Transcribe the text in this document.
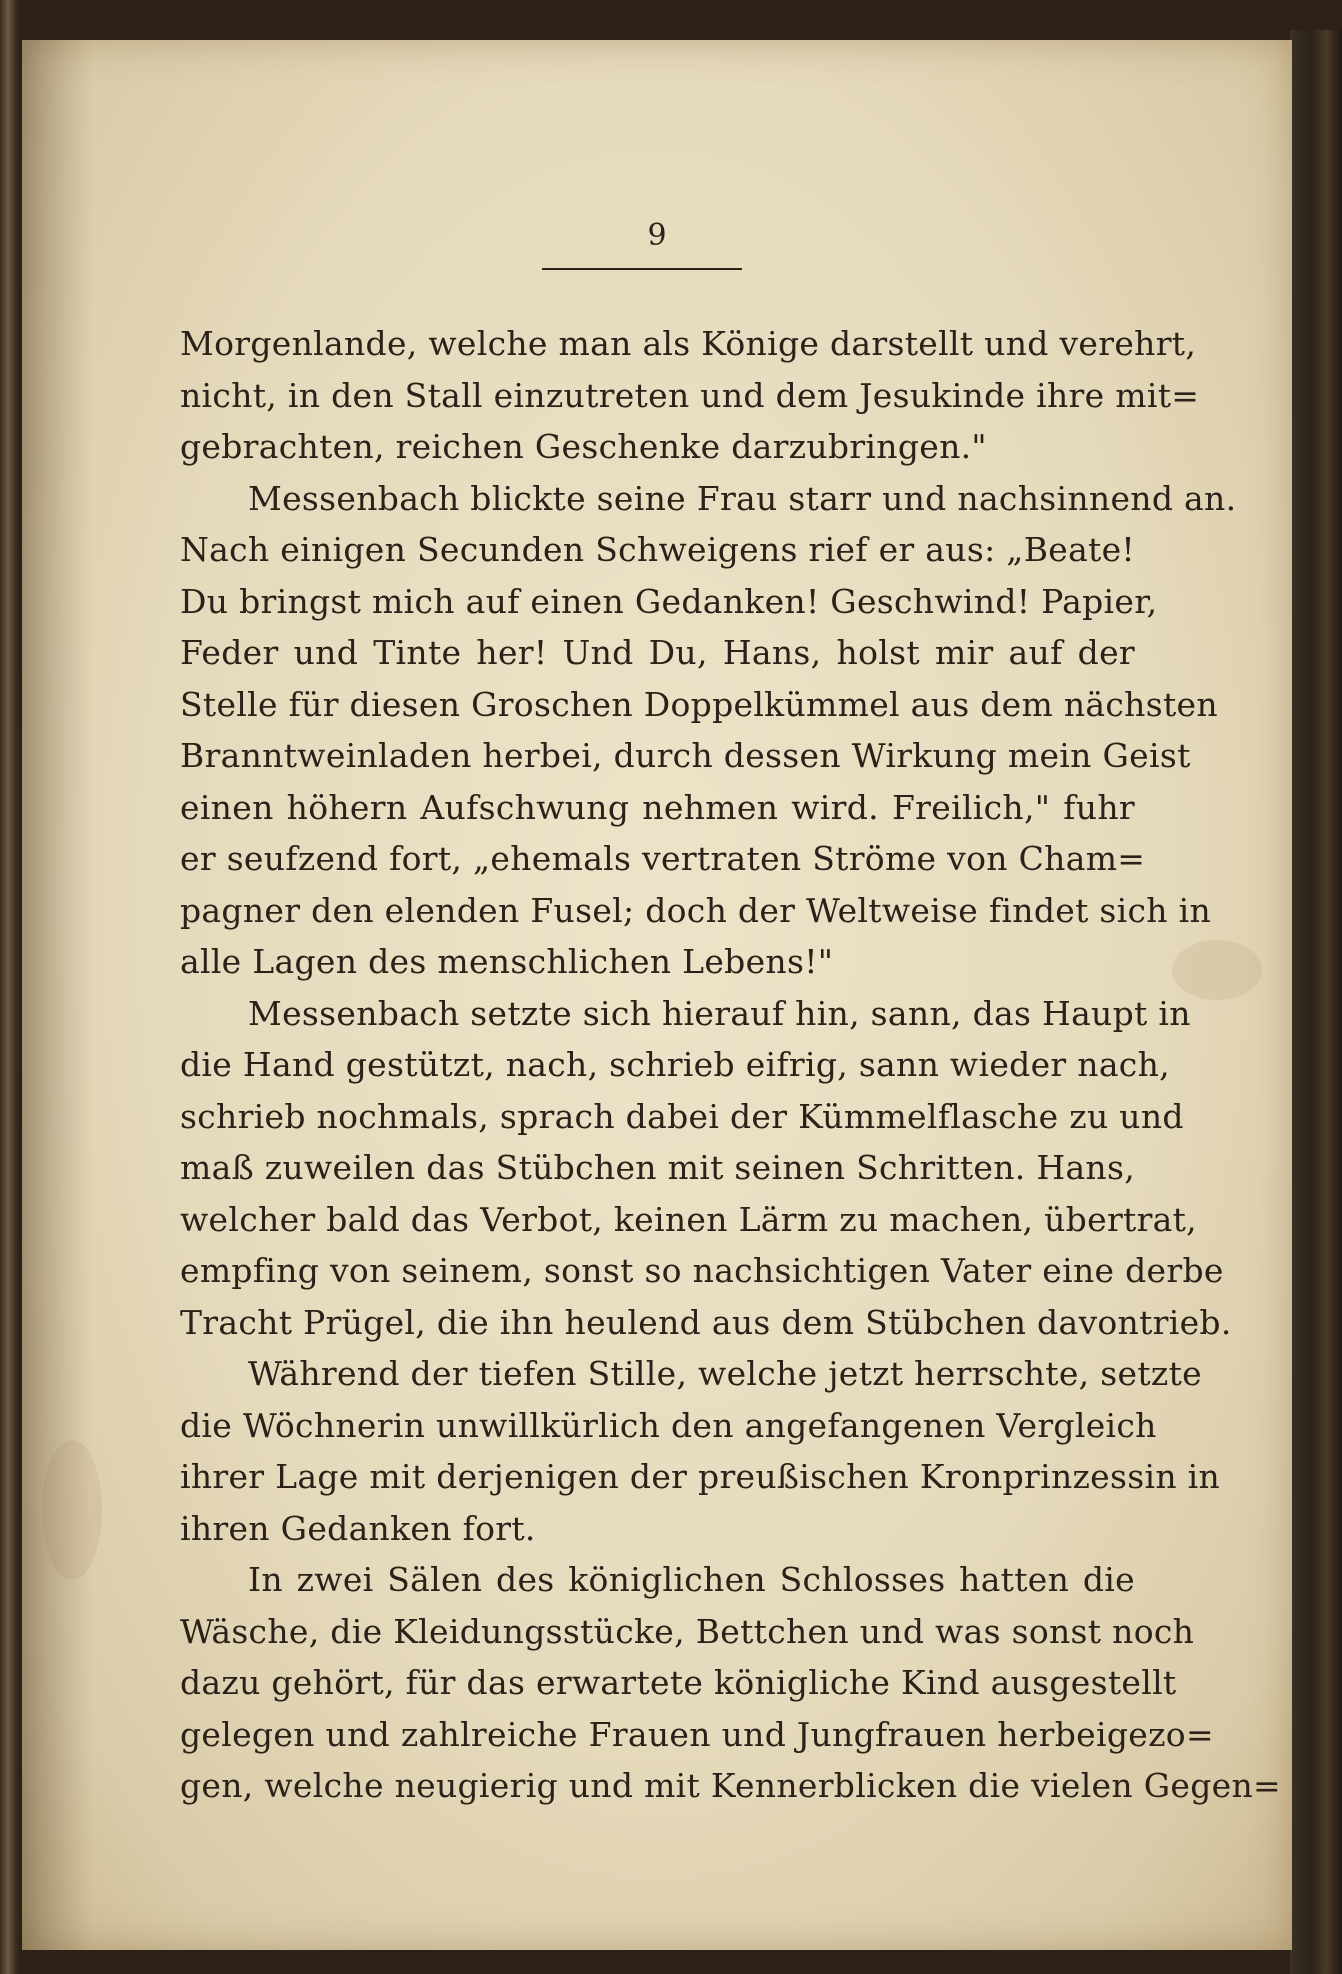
9
Morgenlande, welche man als Könige darstellt und verehrt,
nicht, in den Stall einzutreten und dem Jesukinde ihre mit=
gebrachten, reichen Geschenke darzubringen."
Messenbach blickte seine Frau starr und nachsinnend an.
Nach einigen Secunden Schweigens rief er aus: „Beate!
Du bringst mich auf einen Gedanken! Geschwind! Papier,
Feder und Tinte her! Und Du, Hans, holst mir auf der
Stelle für diesen Groschen Doppelkümmel aus dem nächsten
Branntweinladen herbei, durch dessen Wirkung mein Geist
einen höhern Aufschwung nehmen wird. Freilich," fuhr
er seufzend fort, „ehemals vertraten Ströme von Cham=
pagner den elenden Fusel; doch der Weltweise findet sich in
alle Lagen des menschlichen Lebens!"
Messenbach setzte sich hierauf hin, sann, das Haupt in
die Hand gestützt, nach, schrieb eifrig, sann wieder nach,
schrieb nochmals, sprach dabei der Kümmelflasche zu und
maß zuweilen das Stübchen mit seinen Schritten. Hans,
welcher bald das Verbot, keinen Lärm zu machen, übertrat,
empfing von seinem, sonst so nachsichtigen Vater eine derbe
Tracht Prügel, die ihn heulend aus dem Stübchen davontrieb.
Während der tiefen Stille, welche jetzt herrschte, setzte
die Wöchnerin unwillkürlich den angefangenen Vergleich
ihrer Lage mit derjenigen der preußischen Kronprinzessin in
ihren Gedanken fort.
In zwei Sälen des königlichen Schlosses hatten die
Wäsche, die Kleidungsstücke, Bettchen und was sonst noch
dazu gehört, für das erwartete königliche Kind ausgestellt
gelegen und zahlreiche Frauen und Jungfrauen herbeigezo=
gen, welche neugierig und mit Kennerblicken die vielen Gegen=
